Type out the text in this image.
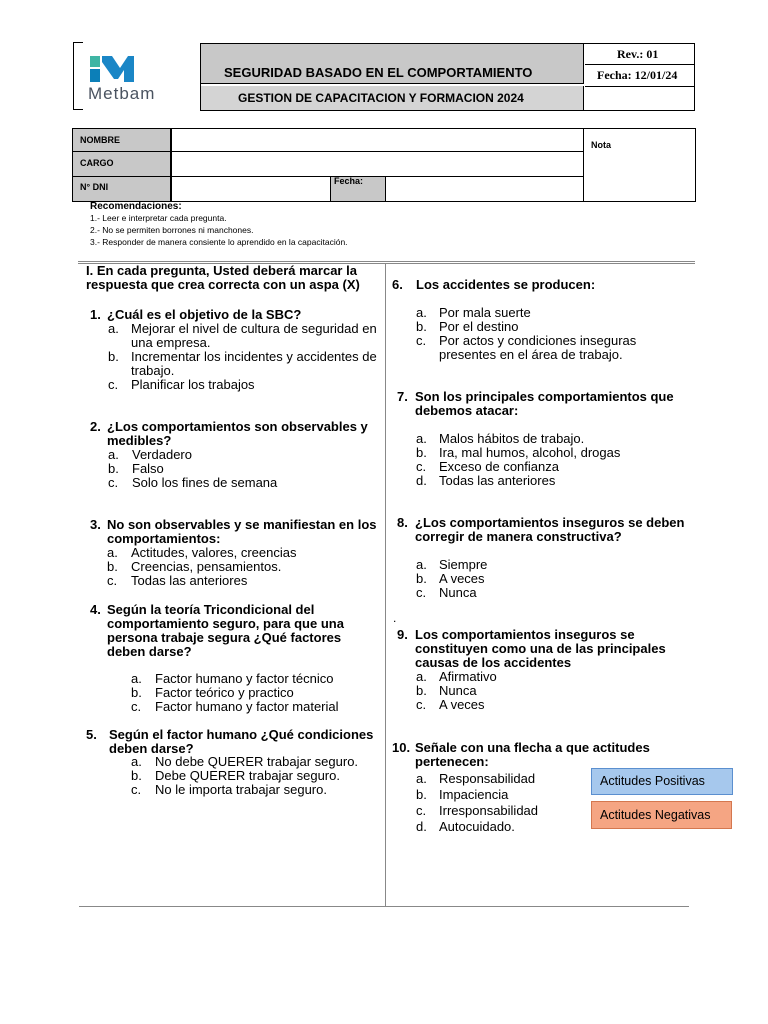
Metbam
SEGURIDAD BASADO EN EL COMPORTAMIENTO
GESTION DE CAPACITACION Y FORMACION 2024
Rev.: 01
Fecha: 12/01/24
NOMBRE
CARGO
N° DNI
Fecha:
Nota
Recomendaciones:
1.- Leer e interpretar cada pregunta.
2.- No se permiten borrones ni manchones.
3.- Responder de manera consiente lo aprendido en la capacitación.
I. En cada pregunta, Usted deberá marcar la
respuesta que crea correcta con un aspa (X)
1. ¿Cuál es el objetivo de la SBC?
a. Mejorar el nivel de cultura de seguridad en
una empresa.
b. Incrementar los incidentes y accidentes de
trabajo.
c. Planificar los trabajos
2. ¿Los comportamientos son observables y
medibles?
a. Verdadero
b. Falso
c. Solo los fines de semana
3. No son observables y se manifiestan en los
comportamientos:
a. Actitudes, valores, creencias
b. Creencias, pensamientos.
c. Todas las anteriores
4. Según la teoría Tricondicional del
comportamiento seguro, para que una
persona trabaje segura ¿Qué factores
deben darse?
a. Factor humano y factor técnico
b. Factor teórico y practico
c. Factor humano y factor material
5. Según el factor humano ¿Qué condiciones
deben darse?
a. No debe QUERER trabajar seguro.
b. Debe QUERER trabajar seguro.
c. No le importa trabajar seguro.
6. Los accidentes se producen:
a. Por mala suerte
b. Por el destino
c. Por actos y condiciones inseguras
presentes en el área de trabajo.
7. Son los principales comportamientos que
debemos atacar:
a. Malos hábitos de trabajo.
b. Ira, mal humos, alcohol, drogas
c. Exceso de confianza
d. Todas las anteriores
8. ¿Los comportamientos inseguros se deben
corregir de manera constructiva?
a. Siempre
b. A veces
c. Nunca
9. Los comportamientos inseguros se
constituyen como una de las principales
causas de los accidentes
a. Afirmativo
b. Nunca
c. A veces
10. Señale con una flecha a que actitudes
pertenecen:
a. Responsabilidad
b. Impaciencia
c. Irresponsabilidad
d. Autocuidado.
.
Actitudes Positivas
Actitudes Negativas
